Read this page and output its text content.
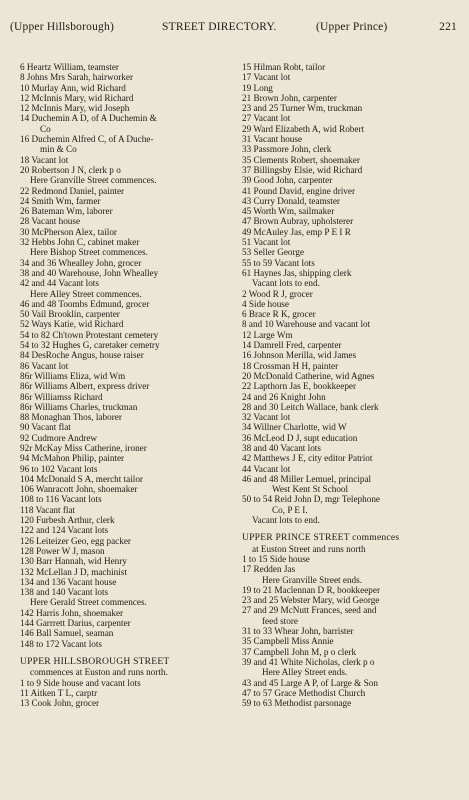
(Upper Hillsborough)	STREET DIRECTORY.	(Upper Prince)	221
6 Heartz William, teamster
8 Johns Mrs Sarah, hairworker
10 Murlay Ann, wid Richard
12 McInnis Mary, wid Richard
12 McInnis Mary, wid Joseph
14 Duchemin A D, of A Duchemin &
Co
16 Duchemin Alfred C, of A Duche-
min & Co
18 Vacant lot
20 Robertson J N, clerk p o
Here Granville Street commences.
22 Redmond Daniel, painter
24 Smith Wm, farmer
26 Bateman Wm, laborer
28 Vacant house
30 McPherson Alex, tailor
32 Hebbs John C, cabinet maker
Here Bishop Street commences.
34 and 36 Whealley John, grocer
38 and 40 Warehouse, John Whealley
42 and 44 Vacant lots
Here Alley Street commences.
46 and 48 Toombs Edmund, grocer
50 Vail Brooklin, carpenter
52 Ways Katie, wid Richard
54 to 82 Ch'town Protestant cemetery
54 to 32 Hughes G, caretaker cemetry
84 DesRoche Angus, house raiser
86 Vacant lot
86r Williams Eliza, wid Wm
86r Williams Albert, express driver
86r Williamss Richard
86r Williams Charles, truckman
88 Monaghan Thos, laborer
90 Vacant flat
92 Cudmore Andrew
92r McKay Miss Catherine, ironer
94 McMahon Philip, painter
96 to 102 Vacant lots
104 McDonald S A, mercht tailor
106 Wanracott John, shoemaker
108 to 116 Vacant lots
118 Vacant flat
120 Furbesh Arthur, clerk
122 and 124 Vacant lots
126 Leiteizer Geo, egg packer
128 Power W J, mason
130 Barr Hannah, wid Henry
132 McLellan J D, machinist
134 and 136 Vacant house
138 and 140 Vacant lots
Here Gerald Street commences.
142 Harris John, shoemaker
144 Garrrett Darius, carpenter
146 Ball Samuel, seaman
148 to 172 Vacant lots
UPPER HILLSBOROUGH STREET
commences at Euston and runs north.
1 to 9 Side house and vacant lots
11 Aitken T L, carptr
13 Cook John, grocer
15 Hilman Robt, tailor
17 Vacant lot
19 Long
21 Brown John, carpenter
23 and 25 Turner Wm, truckman
27 Vacant lot
29 Ward Elizabeth A, wid Robert
31 Vacant house
33 Passmore John, clerk
35 Clements Robert, shoemaker
37 Billingsby Elsie, wid Richard
39 Good John, carpenter
41 Pound David, engine driver
43 Curry Donald, teamster
45 Worth Wm, sailmaker
47 Brown Aubray, upholsterer
49 McAuley Jas, emp P E I R
51 Vacant lot
53 Seller George
55 to 59 Vacant lots
61 Haynes Jas, shipping clerk
Vacant lots to end.
2 Wood R J, grocer
4 Side house
6 Brace R K, grocer
8 and 10 Warehouse and vacant lot
12 Large Wm
14 Damrell Fred, carpenter
16 Johnson Merilla, wid James
18 Crossman H H, painter
20 McDonald Catherine, wid Agnes
22 Lapthorn Jas E, bookkeeper
24 and 26 Knight John
28 and 30 Leitch Wallace, bank clerk
32 Vacant lot
34 Willner Charlotte, wid W
36 McLeod D J, supt education
38 and 40 Vacant lots
42 Matthews J E, city editor Patriot
44 Vacant lot
46 and 48 Miller Lemuel, principal
West Kent St School
50 to 54 Reid John D, mgr Telephone
Co, P E I.
Vacant lots to end.
UPPER PRINCE STREET commences
at Euston Street and runs north
1 to 15 Side house
17 Redden Jas
Here Granville Street ends.
19 to 21 Maclennan D R, bookkeeper
23 and 25 Webster Mary, wid George
27 and 29 McNutt Frances, seed and
feed store
31 to 33 Whear John, barrister
35 Campbell Miss Annie
37 Campbell John M, p o clerk
39 and 41 White Nicholas, clerk p o
Here Alley Street ends.
43 and 45 Large A P, of Large & Son
47 to 57 Grace Methodist Church
59 to 63 Methodist parsonage
